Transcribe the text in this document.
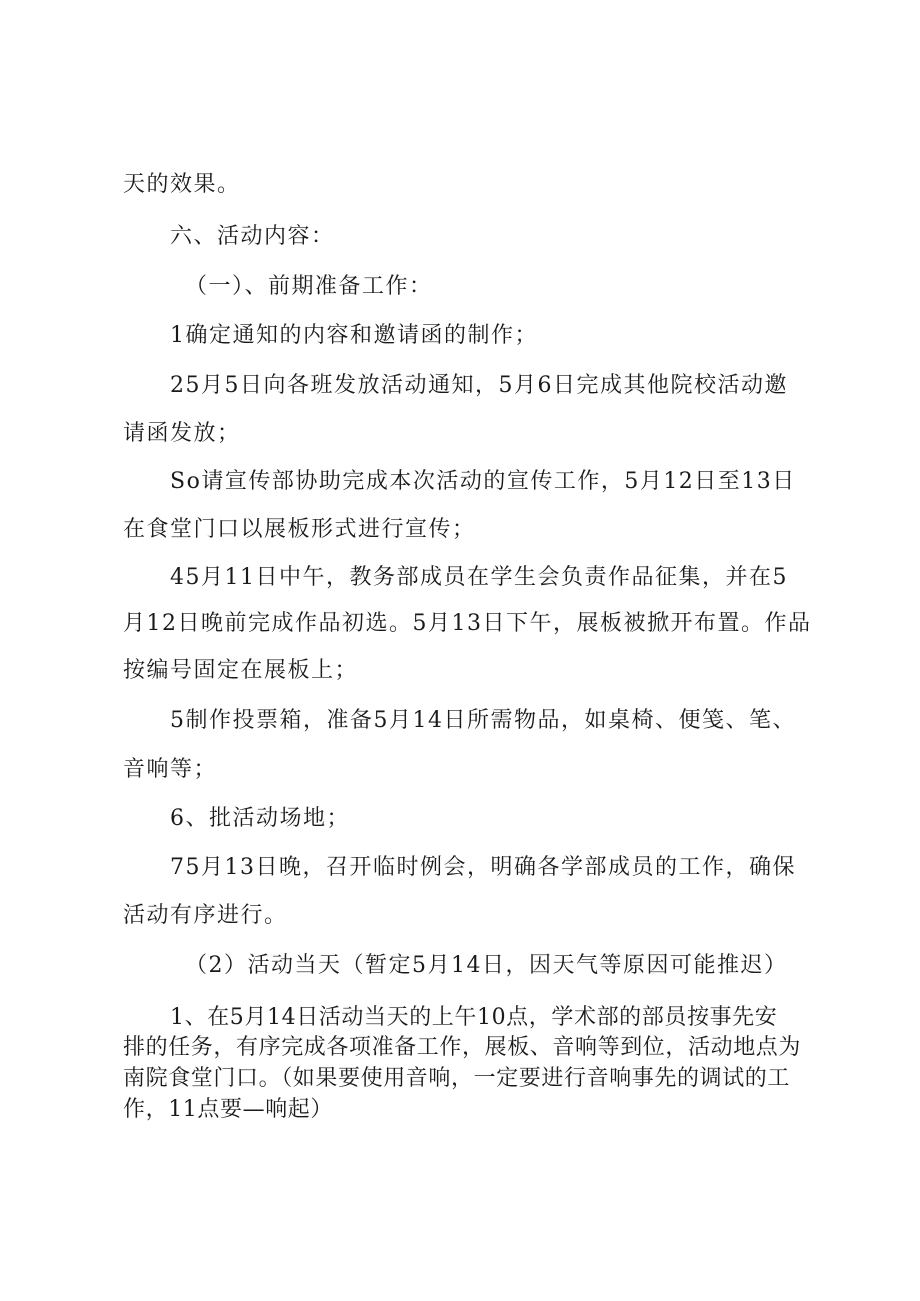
天的效果。
六、活动内容：
（一）、前期准备工作：
1确定通知的内容和邀请函的制作；
25月5日向各班发放活动通知，5月6日完成其他院校活动邀
请函发放；
So请宣传部协助完成本次活动的宣传工作，5月12日至13日
在食堂门口以展板形式进行宣传；
45月11日中午，教务部成员在学生会负责作品征集，并在5
月12日晚前完成作品初选。5月13日下午，展板被掀开布置。作品
按编号固定在展板上；
5制作投票箱，准备5月14日所需物品，如桌椅、便笺、笔、
音响等；
6、批活动场地；
75月13日晚，召开临时例会，明确各学部成员的工作，确保
活动有序进行。
（2）活动当天（暂定5月14日，因天气等原因可能推迟）
1、在5月14日活动当天的上午10点，学术部的部员按事先安
排的任务，有序完成各项准备工作，展板、音响等到位，活动地点为
南院食堂门口。（如果要使用音响，一定要进行音响事先的调试的工
作，11点要—响起）
